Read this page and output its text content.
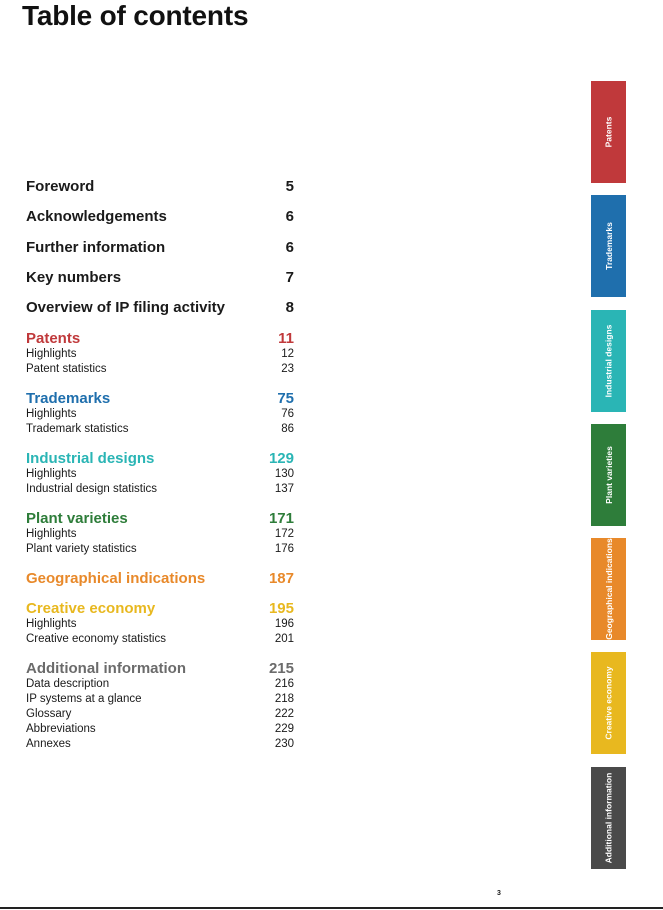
Table of contents
Foreword	5
Acknowledgements	6
Further information	6
Key numbers	7
Overview of IP filing activity	8
Patents	11
Highlights	12
Patent statistics	23
Trademarks	75
Highlights	76
Trademark statistics	86
Industrial designs	129
Highlights	130
Industrial design statistics	137
Plant varieties	171
Highlights	172
Plant variety statistics	176
Geographical indications	187
Creative economy	195
Highlights	196
Creative economy statistics	201
Additional information	215
Data description	216
IP systems at a glance	218
Glossary	222
Abbreviations	229
Annexes	230
Patents
Trademarks
Industrial designs
Plant varieties
Geographical indications
Creative economy
Additional information
3
